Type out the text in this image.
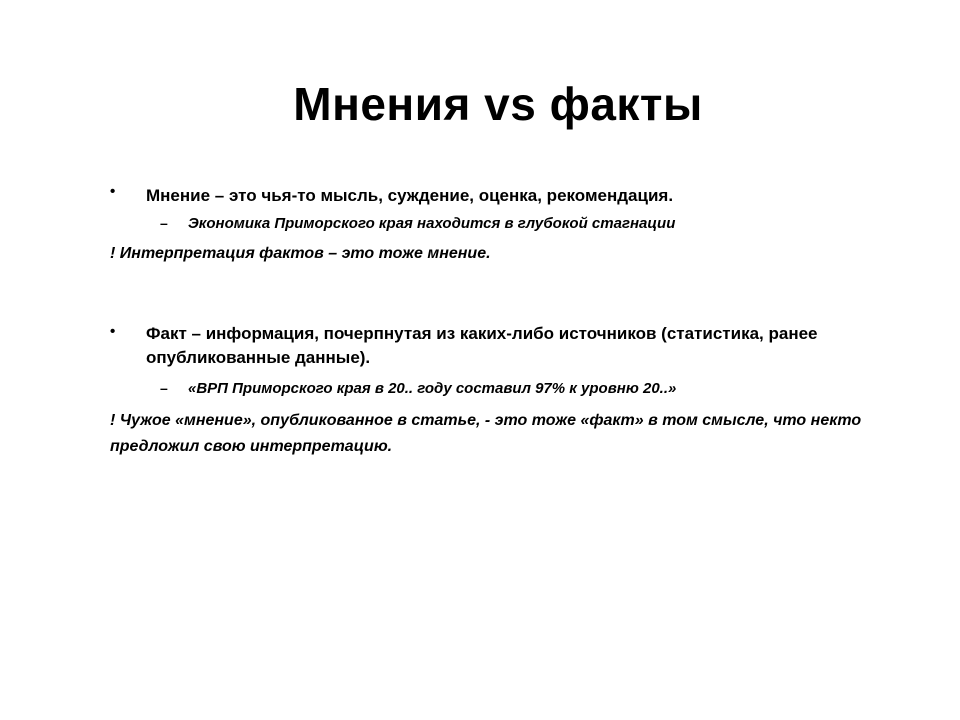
Мнения vs факты
• Мнение – это чья-то мысль, суждение, оценка, рекомендация.
– Экономика Приморского края находится в глубокой стагнации
! Интерпретация фактов – это тоже мнение.
• Факт – информация, почерпнутая из каких-либо источников (статистика, ранее опубликованные данные).
– «ВРП Приморского края в 20.. году составил 97% к уровню 20..»
! Чужое «мнение», опубликованное в статье, - это тоже «факт» в том смысле, что некто предложил свою интерпретацию.
